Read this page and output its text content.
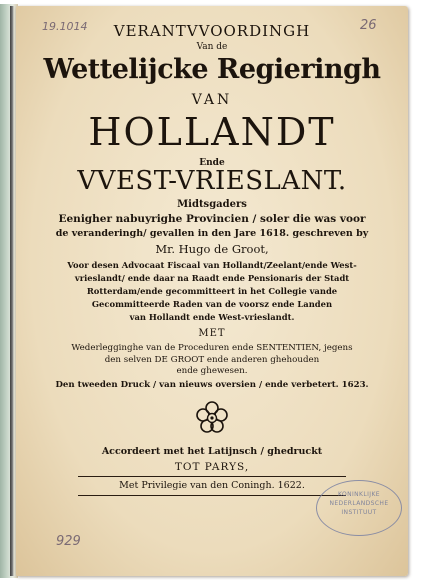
19.1014	26
VERANTVVOORDINGH
Van de
Wettelijcke Regieringh
VAN
HOLLANDT
Ende
VVEST-VRIESLANT.
Midtsgaders
Eenigher nabuyrighe Provincien / soler die was voor
de veranderingh/ gevallen in den Jare 1618. geschreven by
Mr. Hugo de Groot,
Voor desen Advocaat Fiscaal van Hollandt/Zeelant/ende West-
vrieslandt/ ende daar na Raadt ende Pensionaris der Stadt
Rotterdam/ende gecommitteert in het Collegie vande
Gecommitteerde Raden van de voorsz ende Landen
van Hollandt ende West-vrieslandt.
MET
Wederlegginghe van de Proceduren ende SENTENTIEN, jegens
den selven DE GROOT ende anderen ghehouden
ende ghewesen.
Den tweeden Druck / van nieuws oversien / ende verbetert. 1623.
Accordeert met het Latijnsch / ghedruckt
TOT PARYS,
Met Privilegie van den Coningh. 1622.
KONINKLIJKE
NEDERLANDSCHE
INSTITUUT
929
